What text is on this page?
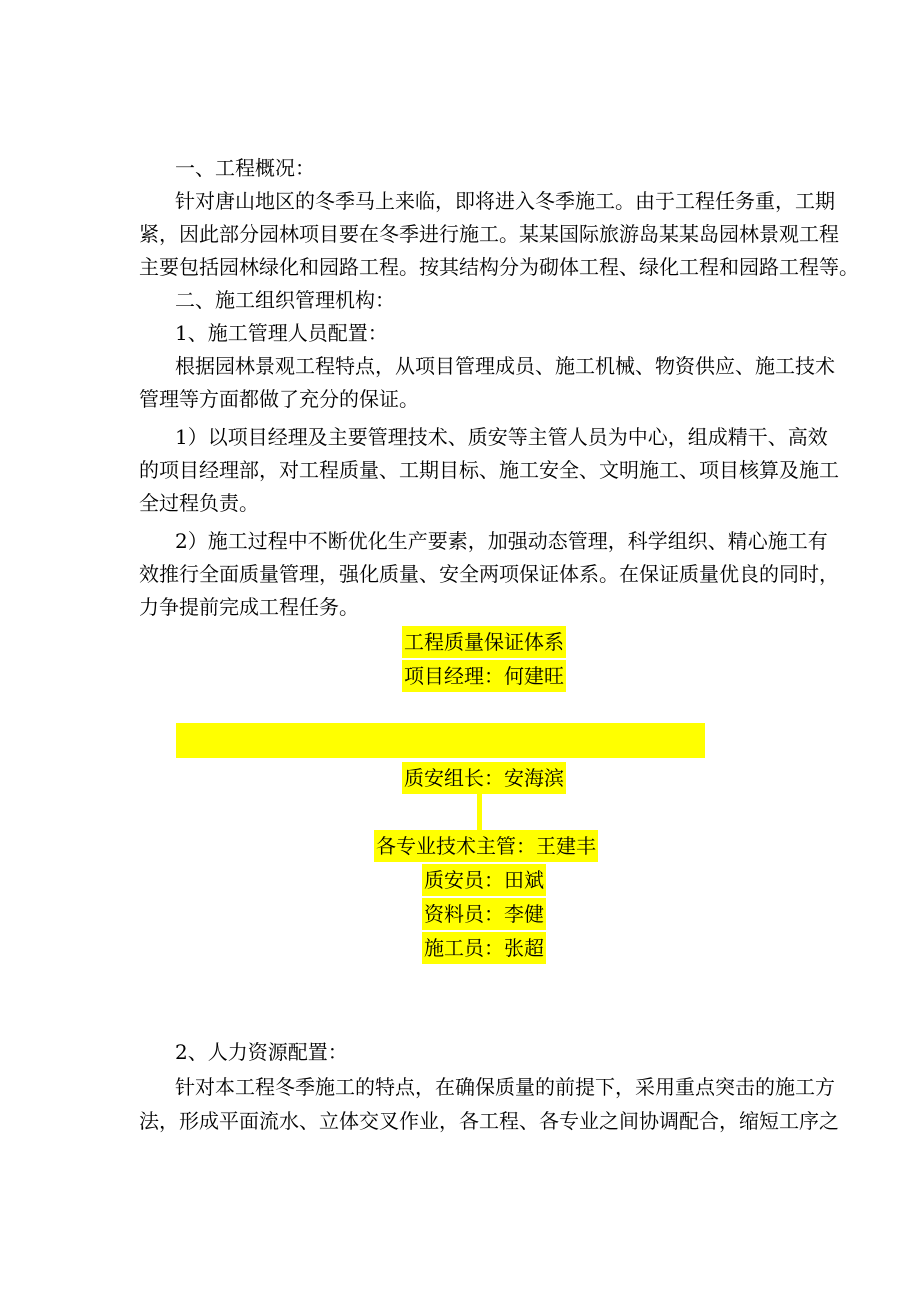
一、工程概况：
针对唐山地区的冬季马上来临，即将进入冬季施工。由于工程任务重，工期
紧，因此部分园林项目要在冬季进行施工。某某国际旅游岛某某岛园林景观工程
主要包括园林绿化和园路工程。按其结构分为砌体工程、绿化工程和园路工程等。
二、施工组织管理机构：
1、施工管理人员配置：
根据园林景观工程特点，从项目管理成员、施工机械、物资供应、施工技术
管理等方面都做了充分的保证。
1）以项目经理及主要管理技术、质安等主管人员为中心，组成精干、高效
的项目经理部，对工程质量、工期目标、施工安全、文明施工、项目核算及施工
全过程负责。
2）施工过程中不断优化生产要素，加强动态管理，科学组织、精心施工有
效推行全面质量管理，强化质量、安全两项保证体系。在保证质量优良的同时，
力争提前完成工程任务。
工程质量保证体系
项目经理：何建旺
质安组长：安海滨
各专业技术主管：王建丰
质安员：田斌
资料员：李健
施工员：张超
2、人力资源配置：
针对本工程冬季施工的特点，在确保质量的前提下，采用重点突击的施工方
法，形成平面流水、立体交叉作业，各工程、各专业之间协调配合，缩短工序之
